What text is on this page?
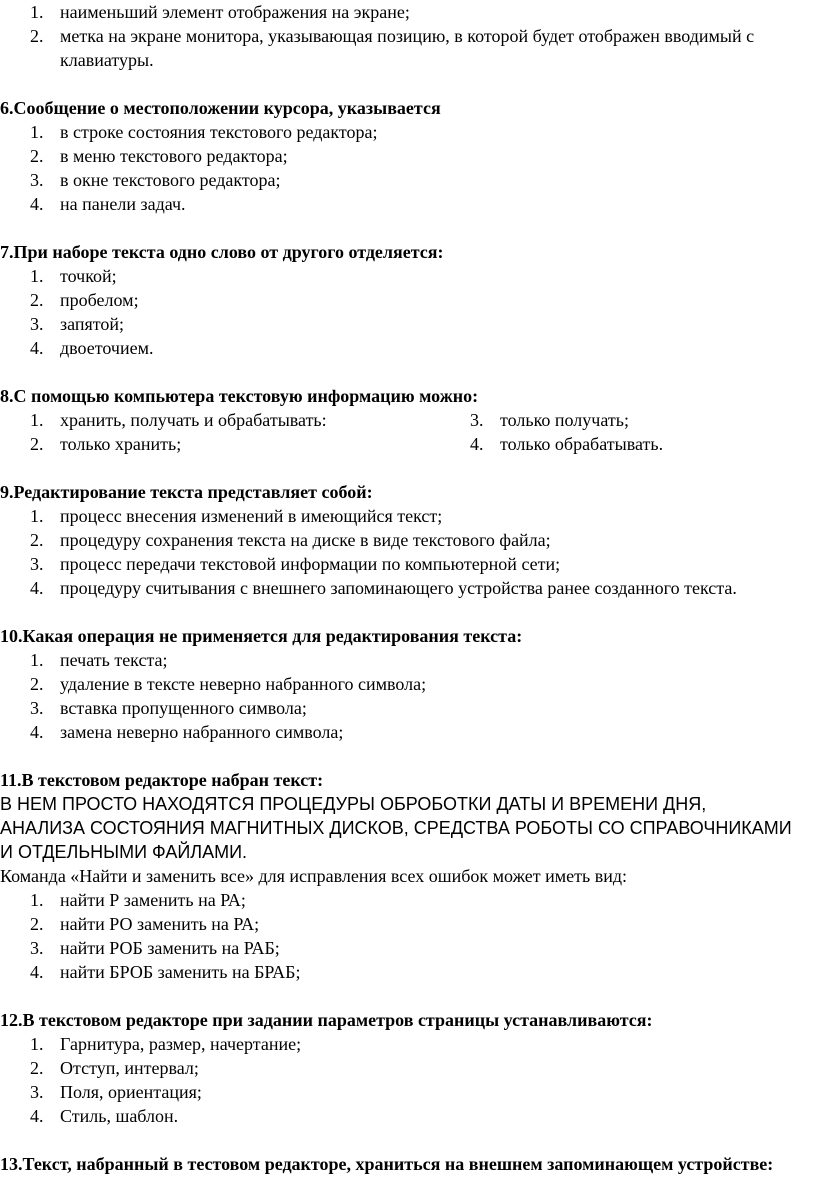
1. наименьший элемент отображения на экране;
2. метка на экране монитора, указывающая позицию, в которой будет отображен вводимый с клавиатуры.

6.Сообщение о местоположении курсора, указывается

1. в строке состояния текстового редактора;
2. в меню текстового редактора;
3. в окне текстового редактора;
4. на панели задач.

7.При наборе текста одно слово от другого отделяется:

1. точкой;
2. пробелом;
3. запятой;
4. двоеточием.

8.С помощью компьютера текстовую информацию можно:

1. хранить, получать и обрабатывать:
2. только хранить;
3. только получать;
4. только обрабатывать.

9.Редактирование текста представляет собой:

1. процесс внесения изменений в имеющийся текст;
2. процедуру сохранения текста на диске в виде текстового файла;
3. процесс передачи текстовой информации по компьютерной сети;
4. процедуру считывания с внешнего запоминающего устройства ранее созданного текста.

10.Какая операция не применяется для редактирования текста:

1. печать текста;
2. удаление в тексте неверно набранного символа;
3. вставка пропущенного символа;
4. замена неверно набранного символа;

11.В текстовом редакторе набран текст:

В НЕМ ПРОСТО НАХОДЯТСЯ ПРОЦЕДУРЫ ОБРОБОТКИ ДАТЫ И ВРЕМЕНИ ДНЯ, АНАЛИЗА СОСТОЯНИЯ МАГНИТНЫХ ДИСКОВ, СРЕДСТВА РОБОТЫ СО СПРАВОЧНИКАМИ И ОТДЕЛЬНЫМИ ФАЙЛАМИ.

Команда «Найти и заменить все» для исправления всех ошибок может иметь вид:

1. найти Р заменить на РА;
2. найти РО заменить на РА;
3. найти РОБ заменить на РАБ;
4. найти БРОБ заменить на БРАБ;

12.В текстовом редакторе при задании параметров страницы устанавливаются:

1. Гарнитура, размер, начертание;
2. Отступ, интервал;
3. Поля, ориентация;
4. Стиль, шаблон.

13.Текст, набранный в тестовом редакторе, храниться на внешнем запоминающем устройстве:
